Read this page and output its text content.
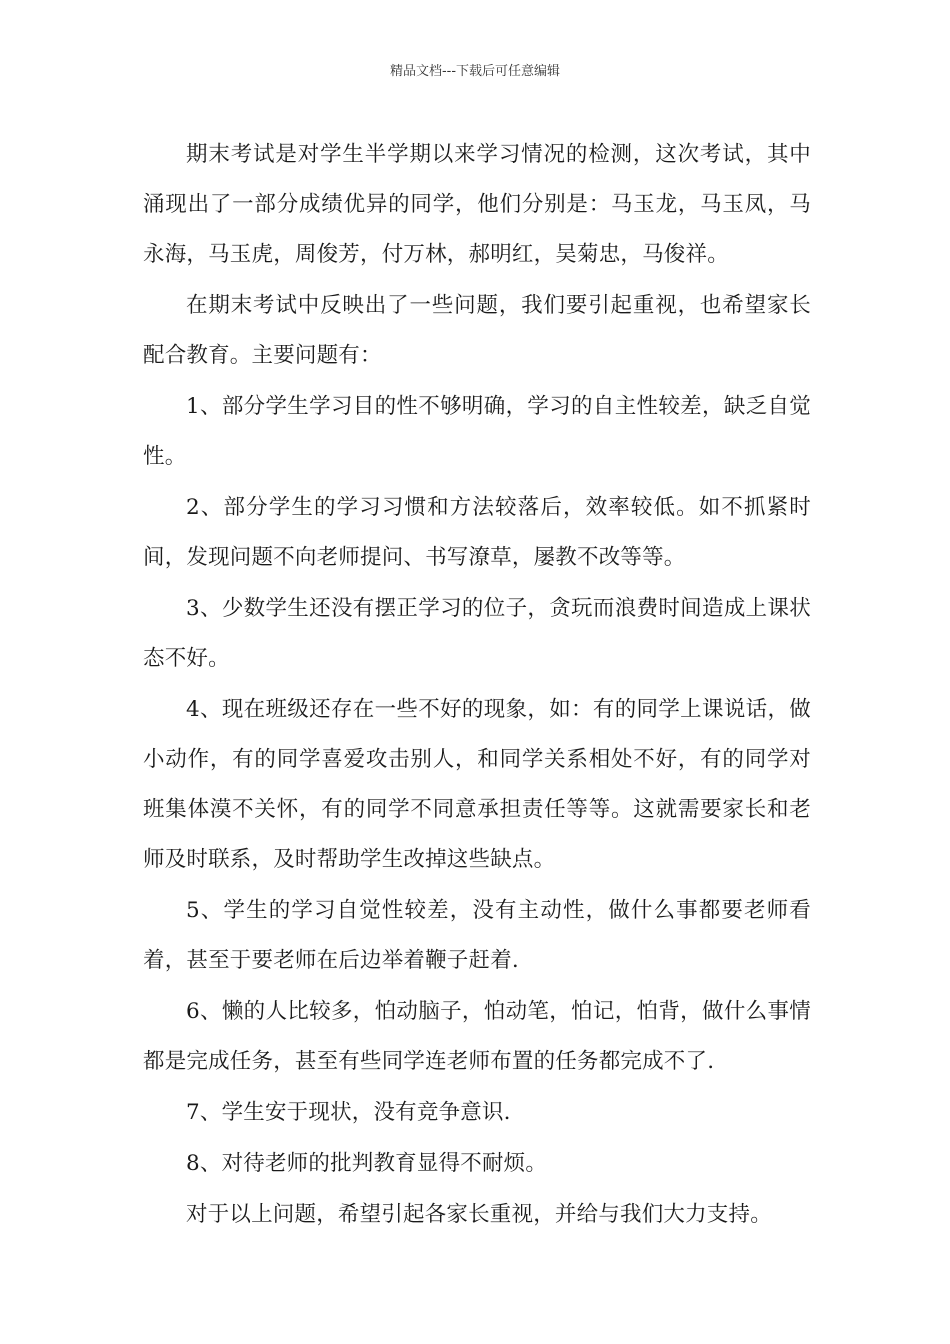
精品文档---下载后可任意编辑

期末考试是对学生半学期以来学习情况的检测，这次考试，其中涌现出了一部分成绩优异的同学，他们分别是：马玉龙，马玉凤，马永海，马玉虎，周俊芳，付万林，郝明红，吴菊忠，马俊祥。

在期末考试中反映出了一些问题，我们要引起重视，也希望家长配合教育。主要问题有：

1、部分学生学习目的性不够明确，学习的自主性较差，缺乏自觉性。

2、部分学生的学习习惯和方法较落后，效率较低。如不抓紧时间，发现问题不向老师提问、书写潦草，屡教不改等等。

3、少数学生还没有摆正学习的位子，贪玩而浪费时间造成上课状态不好。

4、现在班级还存在一些不好的现象，如：有的同学上课说话，做小动作，有的同学喜爱攻击别人，和同学关系相处不好，有的同学对班集体漠不关怀，有的同学不同意承担责任等等。这就需要家长和老师及时联系，及时帮助学生改掉这些缺点。

5、学生的学习自觉性较差，没有主动性，做什么事都要老师看着，甚至于要老师在后边举着鞭子赶着.

6、懒的人比较多，怕动脑子，怕动笔，怕记，怕背，做什么事情都是完成任务，甚至有些同学连老师布置的任务都完成不了.

7、学生安于现状，没有竞争意识.

8、对待老师的批判教育显得不耐烦。

对于以上问题，希望引起各家长重视，并给与我们大力支持。
